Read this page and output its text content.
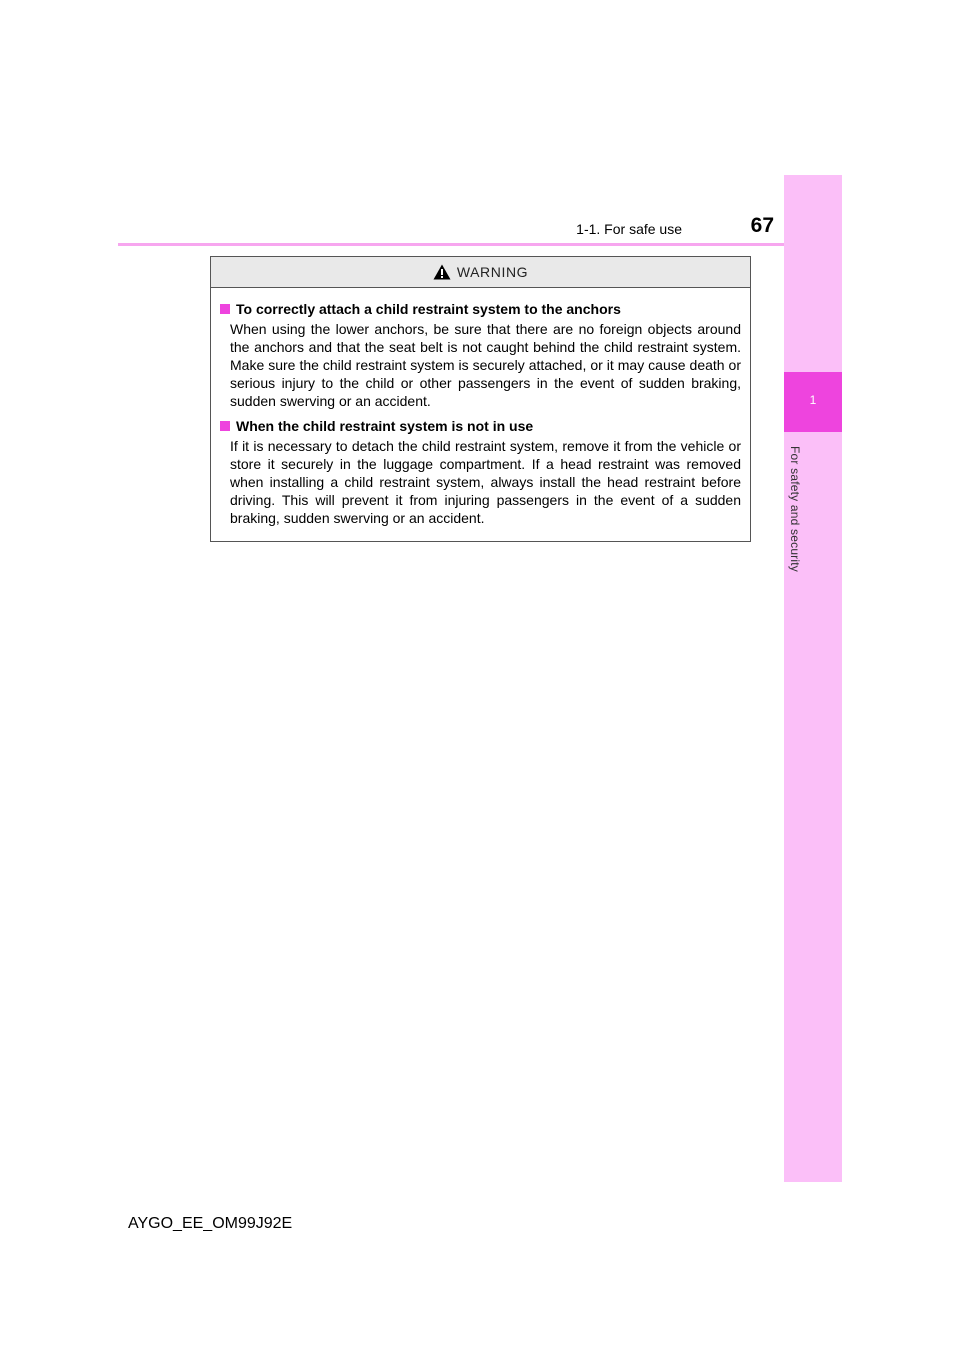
1-1. For safe use	67
1
For safety and security
WARNING
To correctly attach a child restraint system to the anchors
When using the lower anchors, be sure that there are no foreign objects around the anchors and that the seat belt is not caught behind the child restraint system. Make sure the child restraint system is securely attached, or it may cause death or serious injury to the child or other passengers in the event of sudden braking, sudden swerving or an accident.
When the child restraint system is not in use
If it is necessary to detach the child restraint system, remove it from the vehicle or store it securely in the luggage compartment. If a head restraint was removed when installing a child restraint system, always install the head restraint before driving. This will prevent it from injuring passengers in the event of a sudden braking, sudden swerving or an accident.
AYGO_EE_OM99J92E
